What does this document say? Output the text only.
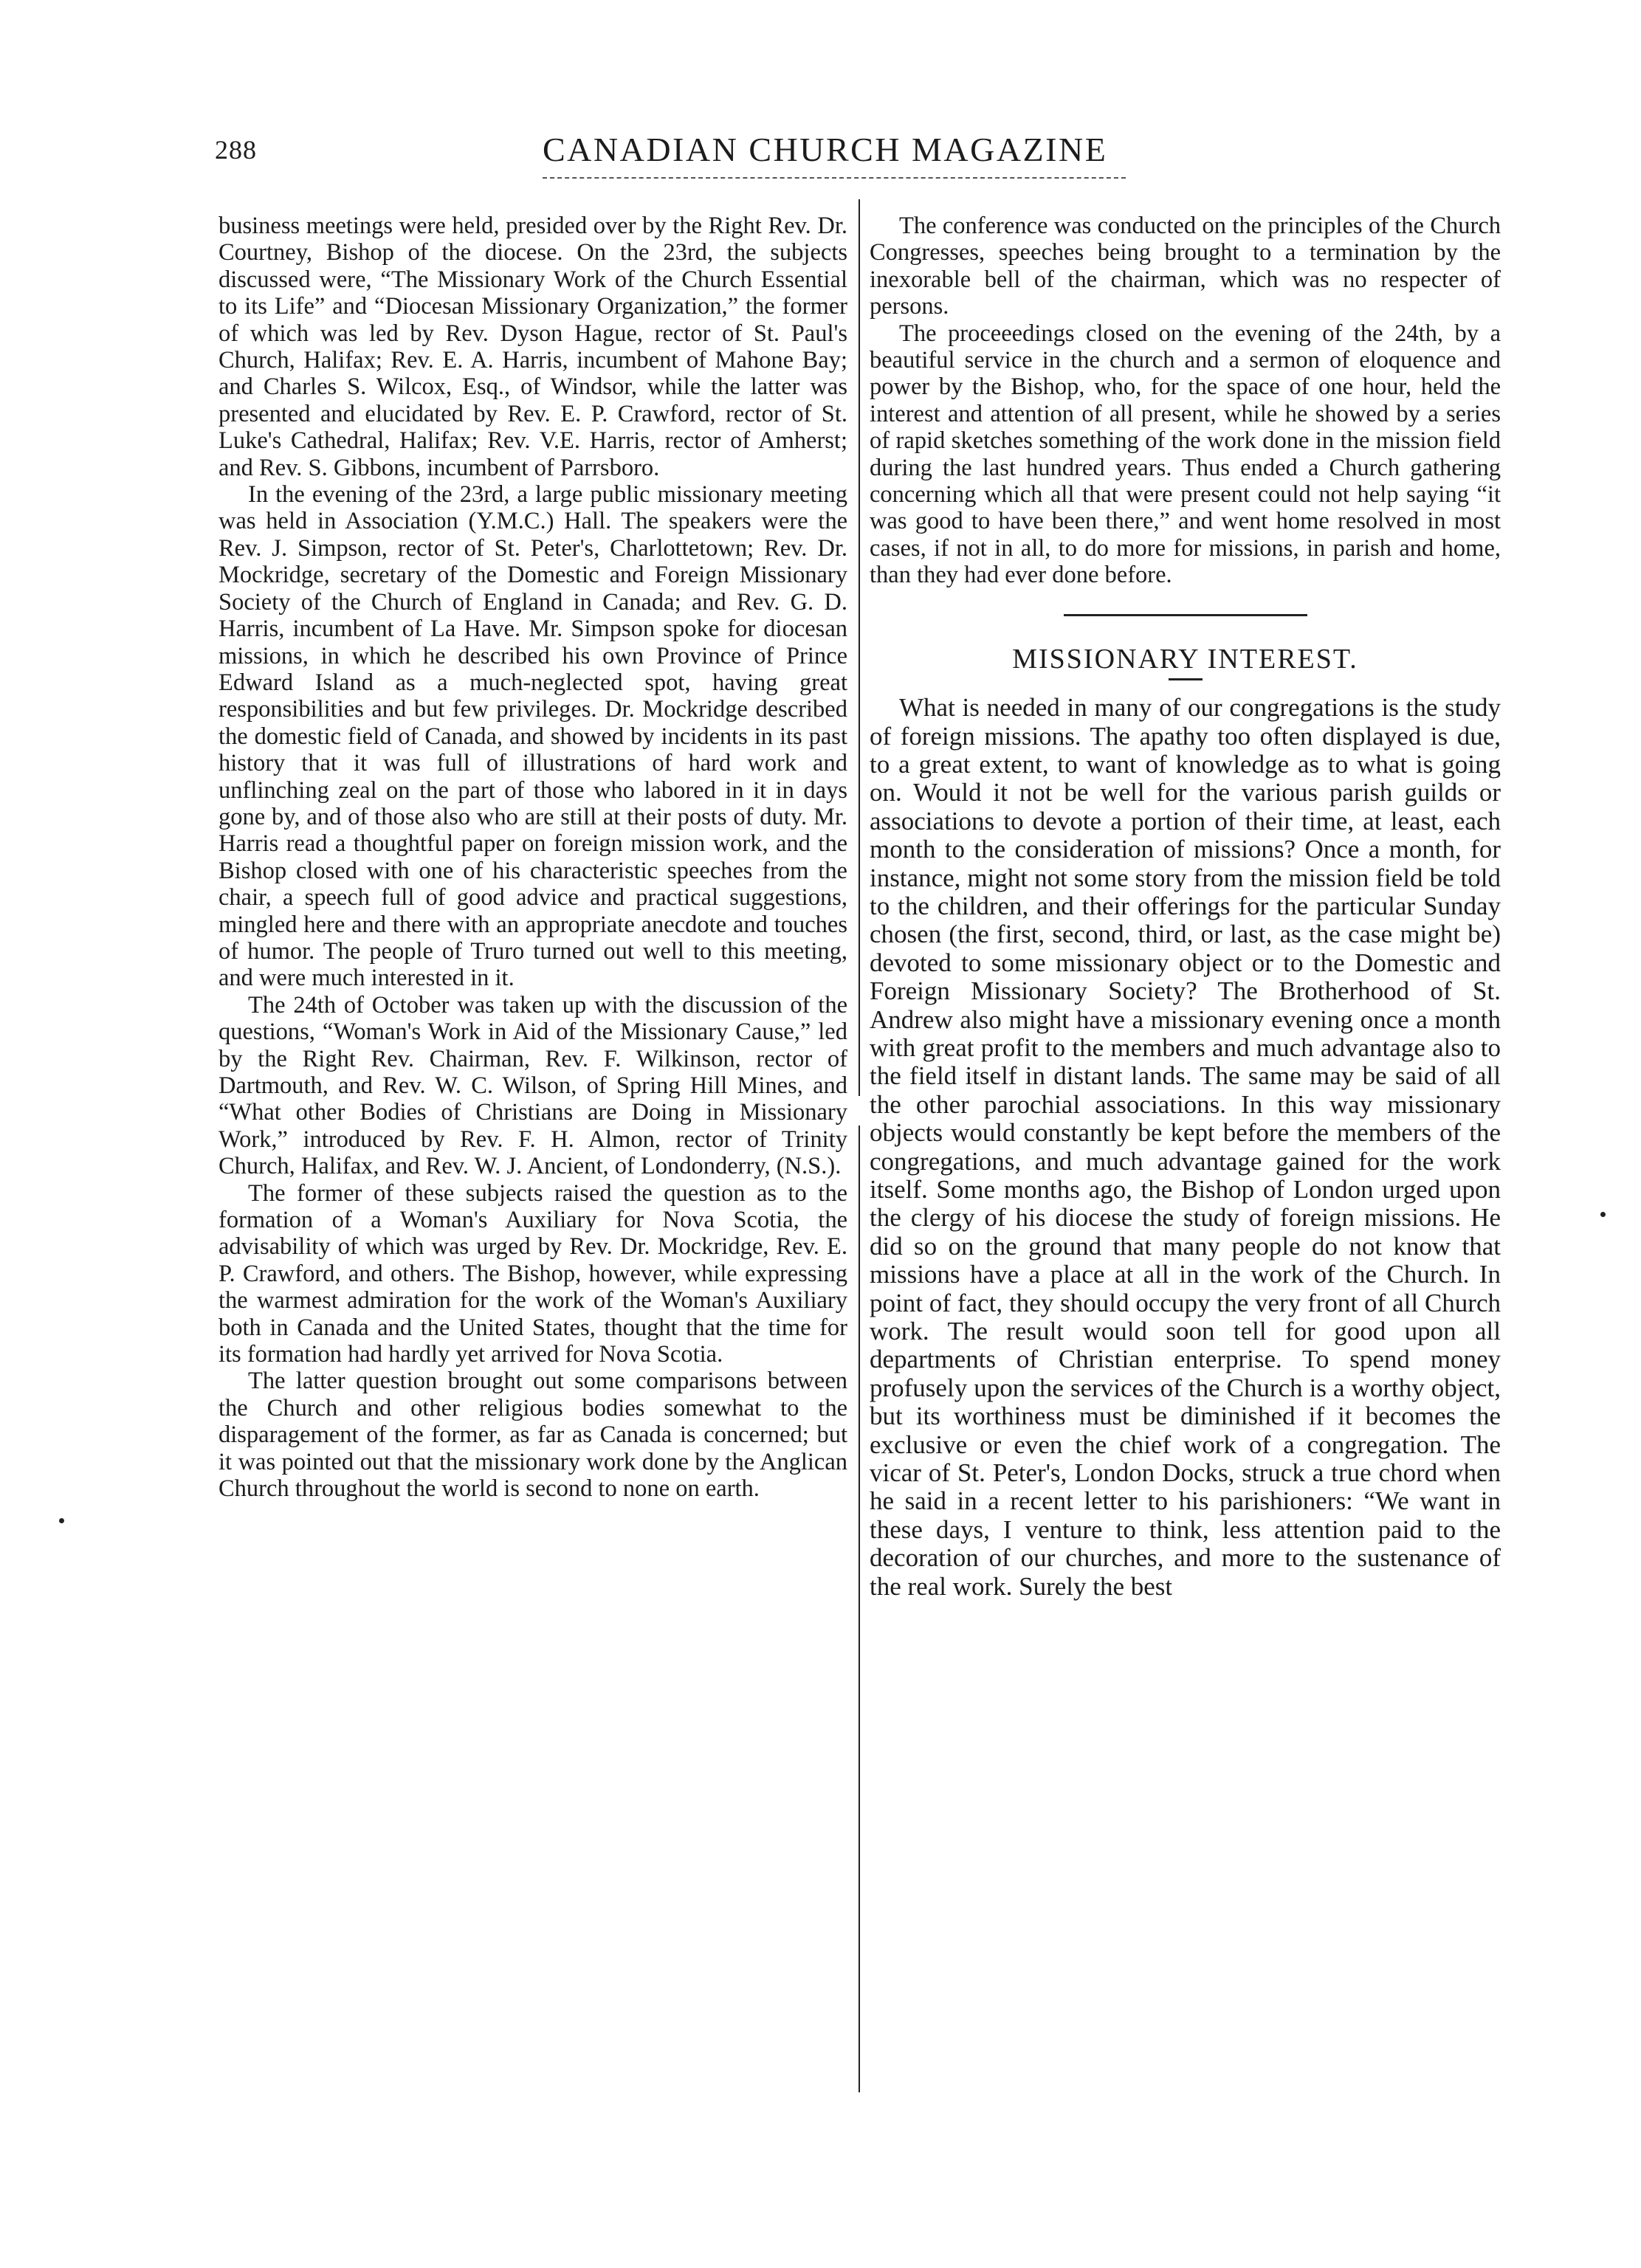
288	CANADIAN CHURCH MAGAZINE

business meetings were held, presided over by the Right Rev. Dr. Courtney, Bishop of the diocese. On the 23rd, the subjects discussed were, “The Missionary Work of the Church Essential to its Life” and “Diocesan Missionary Organization,” the former of which was led by Rev. Dyson Hague, rector of St. Paul's Church, Halifax; Rev. E. A. Harris, incumbent of Mahone Bay; and Charles S. Wilcox, Esq., of Windsor, while the latter was presented and elucidated by Rev. E. P. Crawford, rector of St. Luke's Cathedral, Halifax; Rev. V.E. Harris, rector of Amherst; and Rev. S. Gibbons, incumbent of Parrsboro.

In the evening of the 23rd, a large public missionary meeting was held in Association (Y.M.C.) Hall. The speakers were the Rev. J. Simpson, rector of St. Peter's, Charlottetown; Rev. Dr. Mockridge, secretary of the Domestic and Foreign Missionary Society of the Church of England in Canada; and Rev. G. D. Harris, incumbent of La Have. Mr. Simpson spoke for diocesan missions, in which he described his own Province of Prince Edward Island as a much-neglected spot, having great responsibilities and but few privileges. Dr. Mockridge described the domestic field of Canada, and showed by incidents in its past history that it was full of illustrations of hard work and unflinching zeal on the part of those who labored in it in days gone by, and of those also who are still at their posts of duty. Mr. Harris read a thoughtful paper on foreign mission work, and the Bishop closed with one of his characteristic speeches from the chair, a speech full of good advice and practical suggestions, mingled here and there with an appropriate anecdote and touches of humor. The people of Truro turned out well to this meeting, and were much interested in it.

The 24th of October was taken up with the discussion of the questions, “Woman's Work in Aid of the Missionary Cause,” led by the Right Rev. Chairman, Rev. F. Wilkinson, rector of Dartmouth, and Rev. W. C. Wilson, of Spring Hill Mines, and “What other Bodies of Christians are Doing in Missionary Work,” introduced by Rev. F. H. Almon, rector of Trinity Church, Halifax, and Rev. W. J. Ancient, of Londonderry, (N.S.).

The former of these subjects raised the question as to the formation of a Woman's Auxiliary for Nova Scotia, the advisability of which was urged by Rev. Dr. Mockridge, Rev. E. P. Crawford, and others. The Bishop, however, while expressing the warmest admiration for the work of the Woman's Auxiliary both in Canada and the United States, thought that the time for its formation had hardly yet arrived for Nova Scotia.

The latter question brought out some comparisons between the Church and other religious bodies somewhat to the disparagement of the former, as far as Canada is concerned; but it was pointed out that the missionary work done by the Anglican Church throughout the world is second to none on earth.

The conference was conducted on the principles of the Church Congresses, speeches being brought to a termination by the inexorable bell of the chairman, which was no respecter of persons.

The proceeedings closed on the evening of the 24th, by a beautiful service in the church and a sermon of eloquence and power by the Bishop, who, for the space of one hour, held the interest and attention of all present, while he showed by a series of rapid sketches something of the work done in the mission field during the last hundred years. Thus ended a Church gathering concerning which all that were present could not help saying “it was good to have been there,” and went home resolved in most cases, if not in all, to do more for missions, in parish and home, than they had ever done before.

MISSIONARY INTEREST.

What is needed in many of our congregations is the study of foreign missions. The apathy too often displayed is due, to a great extent, to want of knowledge as to what is going on. Would it not be well for the various parish guilds or associations to devote a portion of their time, at least, each month to the consideration of missions? Once a month, for instance, might not some story from the mission field be told to the children, and their offerings for the particular Sunday chosen (the first, second, third, or last, as the case might be) devoted to some missionary object or to the Domestic and Foreign Missionary Society? The Brotherhood of St. Andrew also might have a missionary evening once a month with great profit to the members and much advantage also to the field itself in distant lands. The same may be said of all the other parochial associations. In this way missionary objects would constantly be kept before the members of the congregations, and much advantage gained for the work itself. Some months ago, the Bishop of London urged upon the clergy of his diocese the study of foreign missions. He did so on the ground that many people do not know that missions have a place at all in the work of the Church. In point of fact, they should occupy the very front of all Church work. The result would soon tell for good upon all departments of Christian enterprise. To spend money profusely upon the services of the Church is a worthy object, but its worthiness must be diminished if it becomes the exclusive or even the chief work of a congregation. The vicar of St. Peter's, London Docks, struck a true chord when he said in a recent letter to his parishioners: “We want in these days, I venture to think, less attention paid to the decoration of our churches, and more to the sustenance of the real work. Surely the best
